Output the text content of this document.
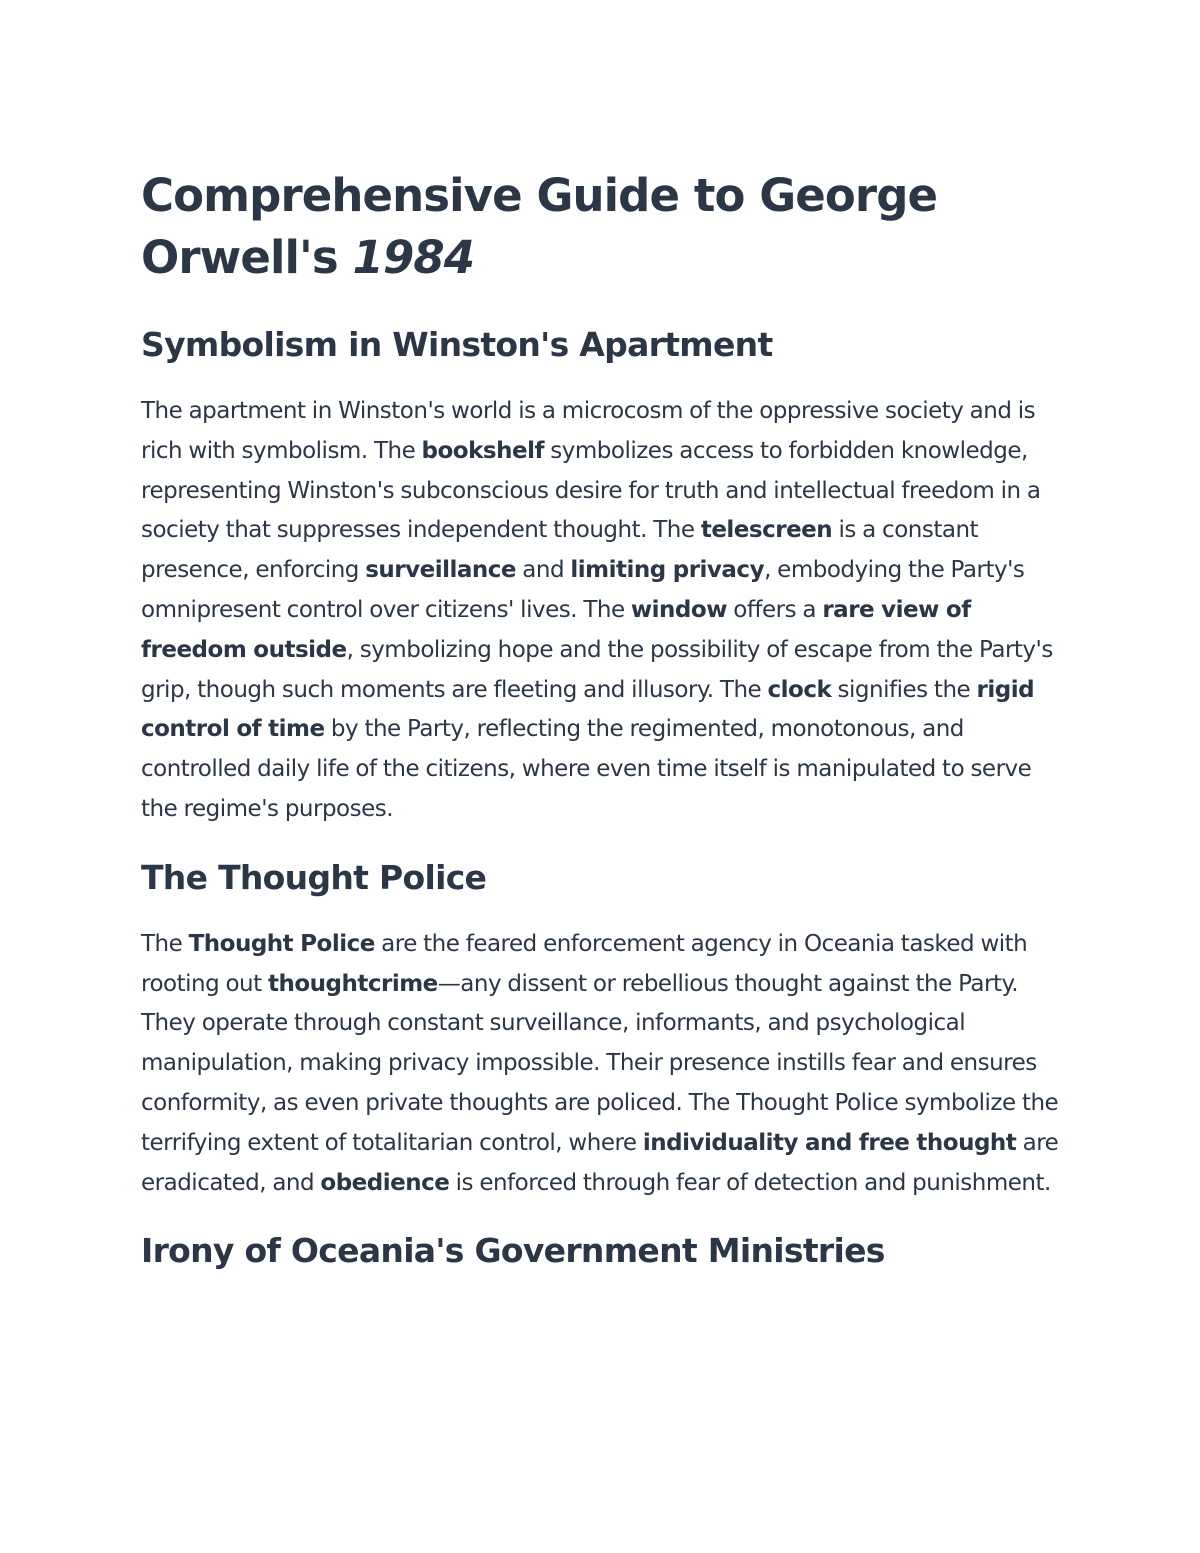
Comprehensive Guide to George Orwell's 1984
Symbolism in Winston's Apartment

The apartment in Winston's world is a microcosm of the oppressive society and is rich with symbolism. The bookshelf symbolizes access to forbidden knowledge, representing Winston's subconscious desire for truth and intellectual freedom in a society that suppresses independent thought. The telescreen is a constant presence, enforcing surveillance and limiting privacy, embodying the Party's omnipresent control over citizens' lives. The window offers a rare view of freedom outside, symbolizing hope and the possibility of escape from the Party's grip, though such moments are fleeting and illusory. The clock signifies the rigid control of time by the Party, reflecting the regimented, monotonous, and controlled daily life of the citizens, where even time itself is manipulated to serve the regime's purposes.

The Thought Police

The Thought Police are the feared enforcement agency in Oceania tasked with rooting out thoughtcrime—any dissent or rebellious thought against the Party. They operate through constant surveillance, informants, and psychological manipulation, making privacy impossible. Their presence instills fear and ensures conformity, as even private thoughts are policed. The Thought Police symbolize the terrifying extent of totalitarian control, where individuality and free thought are eradicated, and obedience is enforced through fear of detection and punishment.

Irony of Oceania's Government Ministries
